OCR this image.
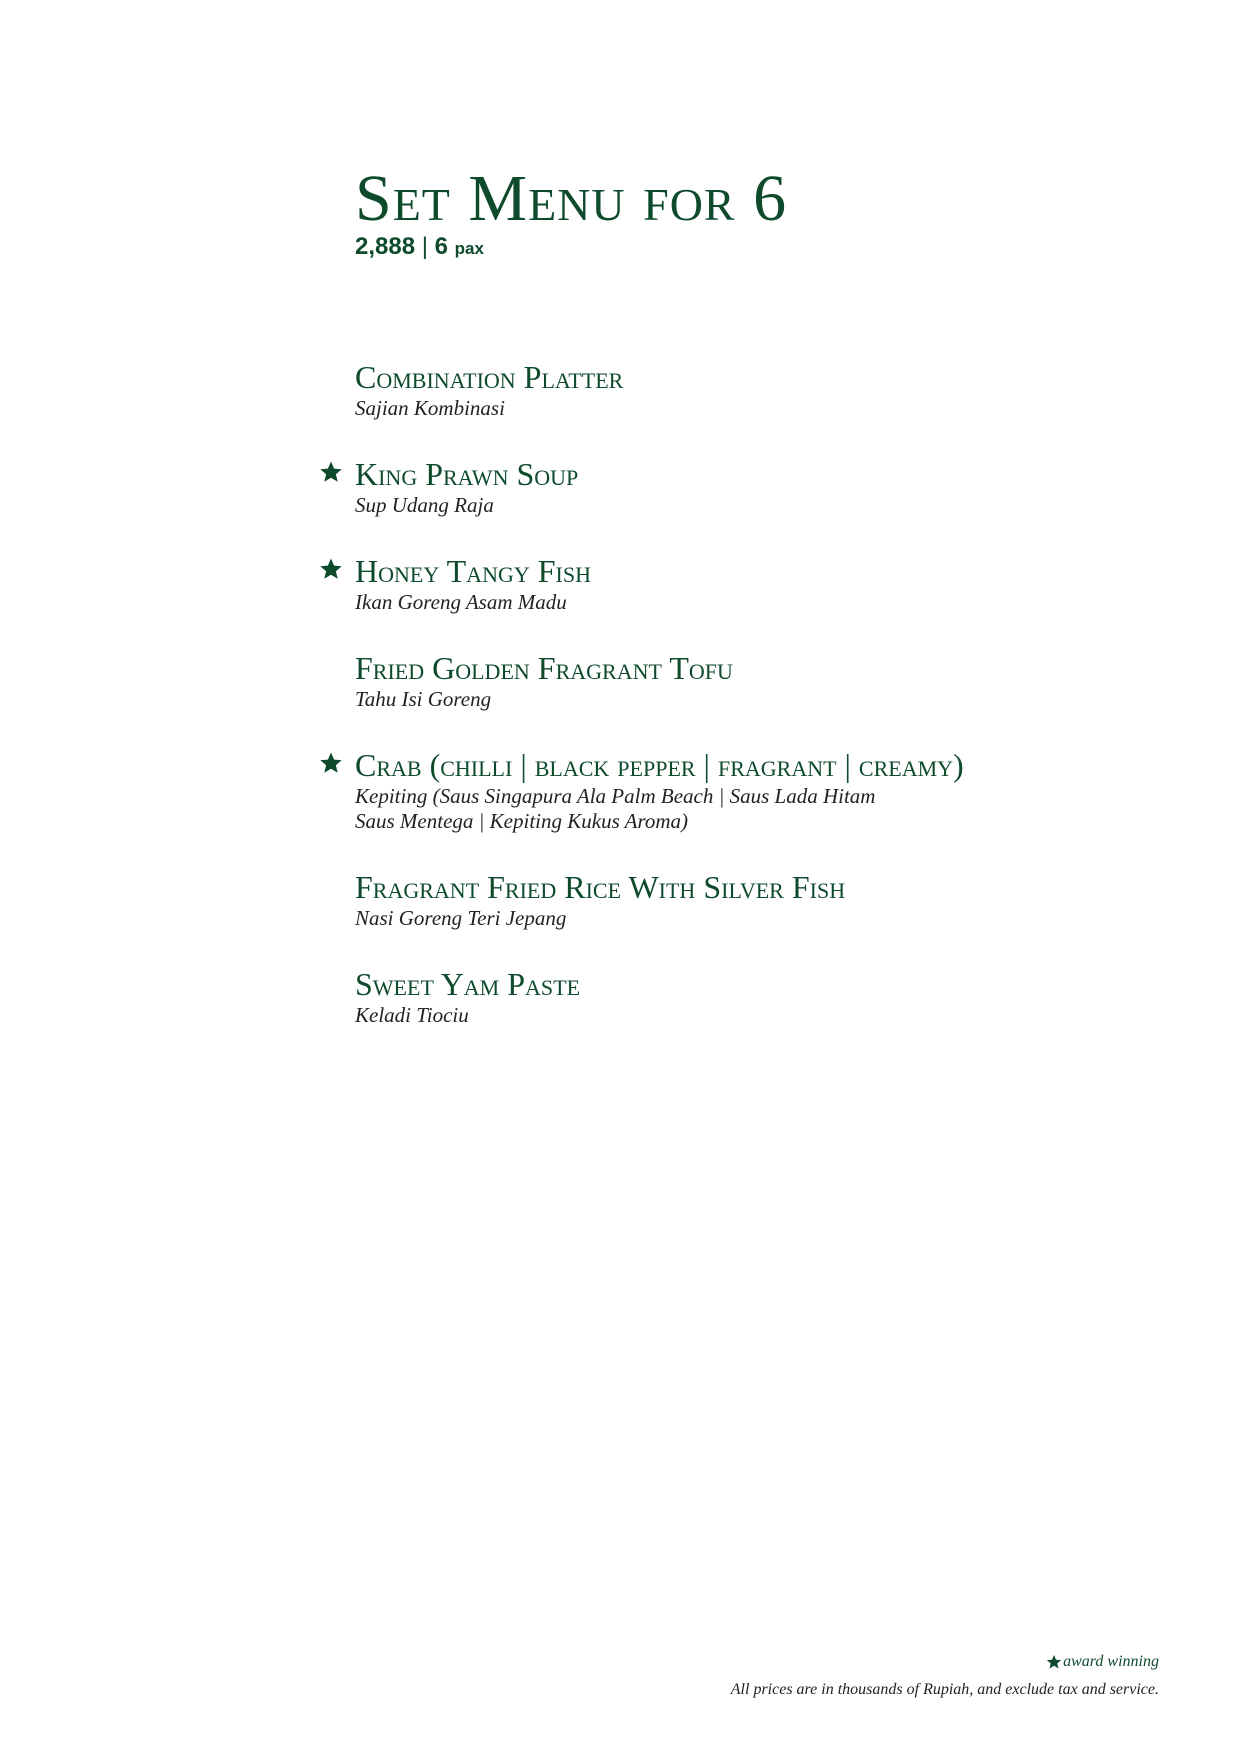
Set Menu for 6
2,888 | 6 pax
Combination Platter
Sajian Kombinasi
King Prawn Soup
Sup Udang Raja
Honey Tangy Fish
Ikan Goreng Asam Madu
Fried Golden Fragrant Tofu
Tahu Isi Goreng
Crab (chilli | black pepper | fragrant | creamy)
Kepiting (Saus Singapura Ala Palm Beach | Saus Lada Hitam
Saus Mentega | Kepiting Kukus Aroma)
Fragrant Fried Rice With Silver Fish
Nasi Goreng Teri Jepang
Sweet Yam Paste
Keladi Tiociu
award winning
All prices are in thousands of Rupiah, and exclude tax and service.
